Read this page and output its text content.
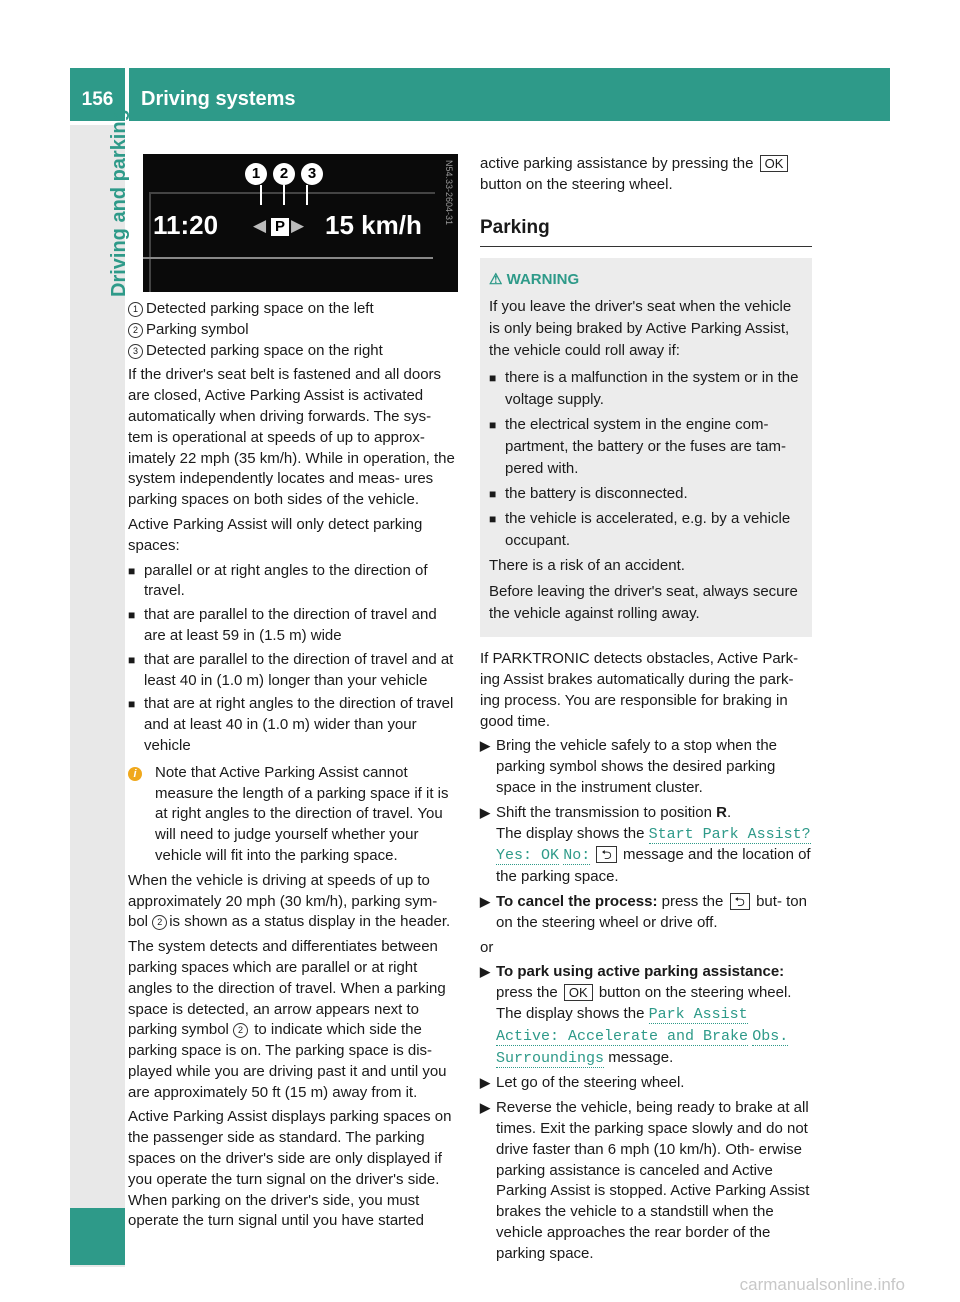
156	Driving systems
Driving and parking	1	2	3
11:20 ◀ P ▶ 15 km/h N54.33-2604-31
1 Detected parking space on the left
2 Parking symbol
3 Detected parking space on the right

If the driver's seat belt is fastened and all doors are closed, Active Parking Assist is activated automatically when driving forwards. The sys- tem is operational at speeds of up to approx- imately 22 mph (35 km/h). While in operation, the system independently locates and meas- ures parking spaces on both sides of the vehicle.

Active Parking Assist will only detect parking spaces:

■ parallel or at right angles to the direction of travel.
■ that are parallel to the direction of travel and are at least 59 in (1.5 m) wide
■ that are parallel to the direction of travel and at least 40 in (1.0 m) longer than your vehicle
■ that are at right angles to the direction of travel and at least 40 in (1.0 m) wider than your vehicle
i	Note that Active Parking Assist cannot measure the length of a parking space if it is at right angles to the direction of travel. You will need to judge yourself whether your vehicle will fit into the parking space.

When the vehicle is driving at speeds of up to approximately 20 mph (30 km/h), parking sym- bol 2 is shown as a status display in the header.

The system detects and differentiates between parking spaces which are parallel or at right angles to the direction of travel. When a parking space is detected, an arrow appears next to parking symbol 2 to indicate which side the parking space is on. The parking space is dis- played while you are driving past it and until you are approximately 50 ft (15 m) away from it.

Active Parking Assist displays parking spaces on the passenger side as standard. The parking spaces on the driver's side are only displayed if you operate the turn signal on the driver's side. When parking on the driver's side, you must operate the turn signal until you have started

active parking assistance by pressing the OK button on the steering wheel.

Parking
⚠ WARNING

If you leave the driver's seat when the vehicle is only being braked by Active Parking Assist, the vehicle could roll away if:

■ there is a malfunction in the system or in the voltage supply.
■ the electrical system in the engine com- partment, the battery or the fuses are tam- pered with.
■ the battery is disconnected.
■ the vehicle is accelerated, e.g. by a vehicle occupant.

There is a risk of an accident.

Before leaving the driver's seat, always secure the vehicle against rolling away.

If PARKTRONIC detects obstacles, Active Park- ing Assist brakes automatically during the park- ing process. You are responsible for braking in good time.

▶ Bring the vehicle safely to a stop when the parking symbol shows the desired parking space in the instrument cluster.
▶ Shift the transmission to position R.
The display shows the Start Park Assist? Yes: OK No: ⮌ message and the location of the parking space.
▶ To cancel the process: press the ⮌ but- ton on the steering wheel or drive off.

or

▶ To park using active parking assistance:
press the OK button on the steering wheel. The display shows the Park Assist Active: Accelerate and Brake Obs. Surroundings message.
▶ Let go of the steering wheel.
▶ Reverse the vehicle, being ready to brake at all times. Exit the parking space slowly and do not drive faster than 6 mph (10 km/h). Oth- erwise parking assistance is canceled and Active Parking Assist is stopped. Active Parking Assist brakes the vehicle to a standstill when the vehicle approaches the rear border of the parking space.
carmanualsonline.info
